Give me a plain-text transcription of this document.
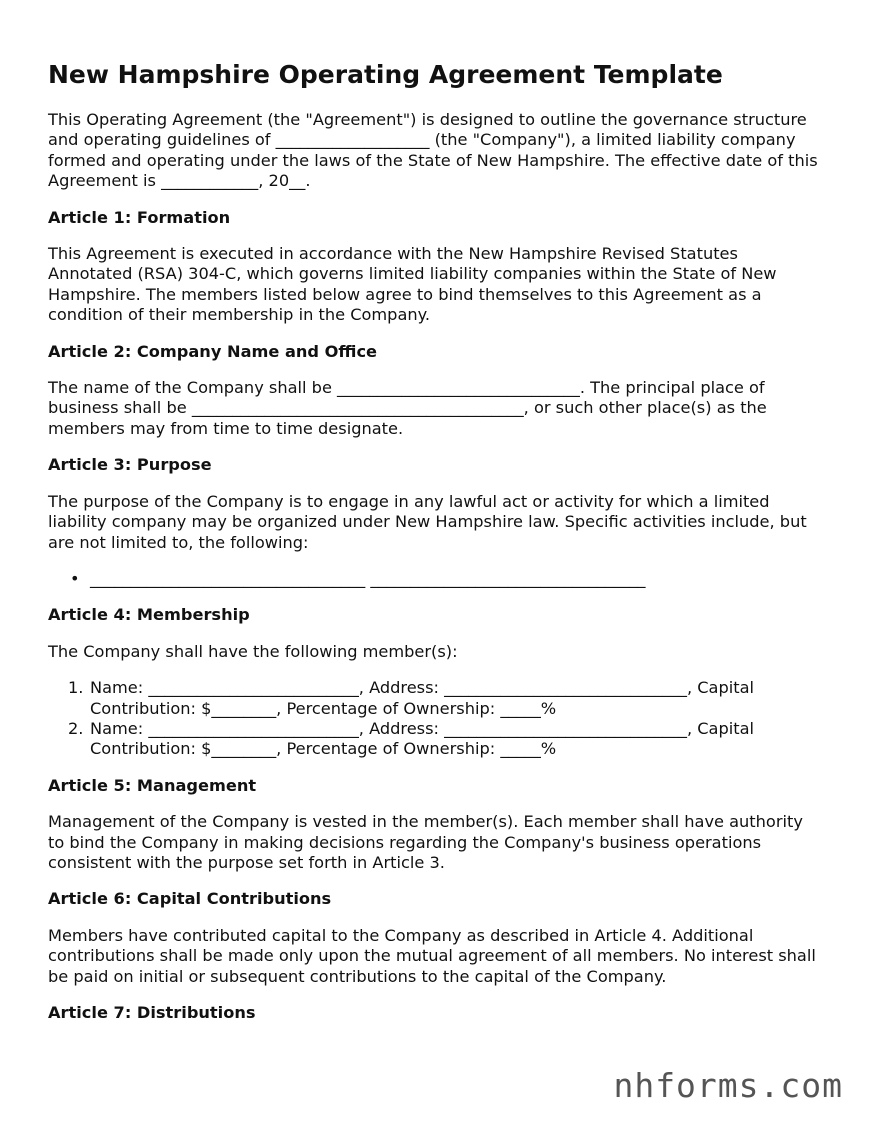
New Hampshire Operating Agreement Template

This Operating Agreement (the "Agreement") is designed to outline the governance structure and operating guidelines of ___________________ (the "Company"), a limited liability company formed and operating under the laws of the State of New Hampshire. The effective date of this Agreement is ____________, 20__.

Article 1: Formation

This Agreement is executed in accordance with the New Hampshire Revised Statutes Annotated (RSA) 304-C, which governs limited liability companies within the State of New Hampshire. The members listed below agree to bind themselves to this Agreement as a condition of their membership in the Company.

Article 2: Company Name and Office

The name of the Company shall be ______________________________. The principal place of business shall be _________________________________________, or such other place(s) as the members may from time to time designate.

Article 3: Purpose

The purpose of the Company is to engage in any lawful act or activity for which a limited liability company may be organized under New Hampshire law. Specific activities include, but are not limited to, the following:

• __________________________________ __________________________________
Article 4: Membership

The Company shall have the following member(s):

1. Name: __________________________, Address: ______________________________, Capital Contribution: $________, Percentage of Ownership: _____%
2. Name: __________________________, Address: ______________________________, Capital Contribution: $________, Percentage of Ownership: _____%
Article 5: Management

Management of the Company is vested in the member(s). Each member shall have authority to bind the Company in making decisions regarding the Company's business operations consistent with the purpose set forth in Article 3.

Article 6: Capital Contributions

Members have contributed capital to the Company as described in Article 4. Additional contributions shall be made only upon the mutual agreement of all members. No interest shall be paid on initial or subsequent contributions to the capital of the Company.

Article 7: Distributions
nhforms.com
